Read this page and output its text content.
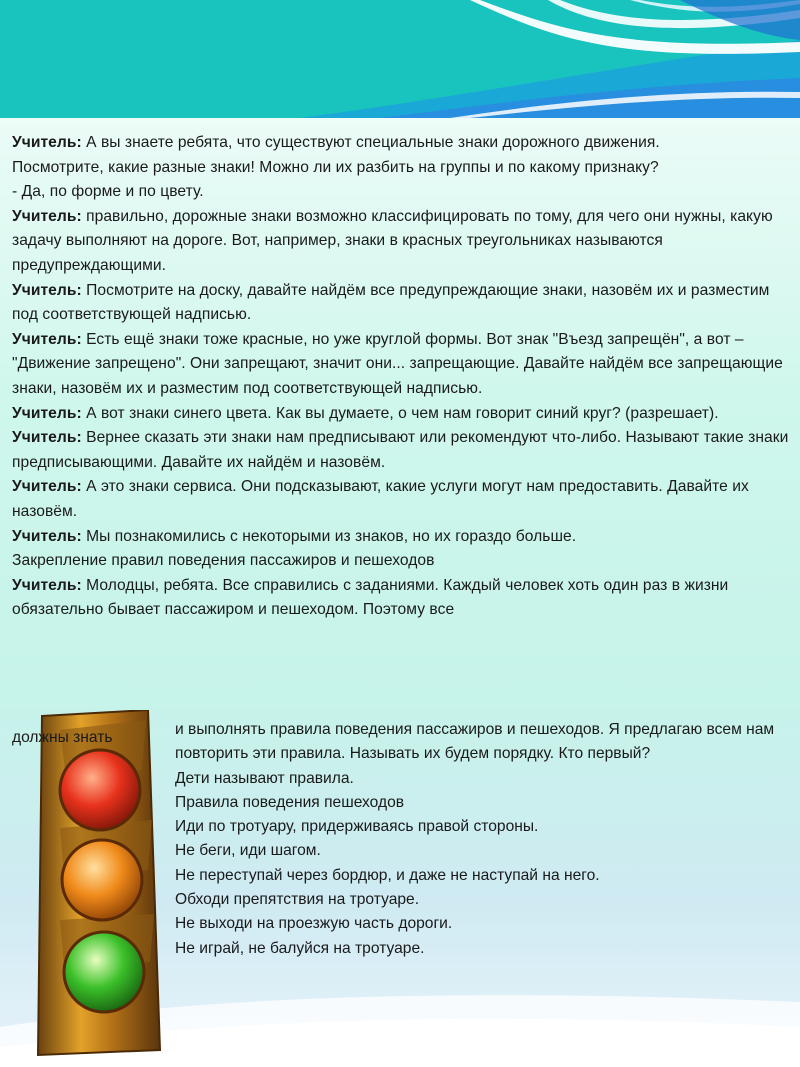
Учитель: А вы знаете ребята, что существуют специальные знаки дорожного движения.

Посмотрите, какие разные знаки! Можно ли их разбить на группы и по какому признаку?

- Да, по форме и по цвету.

Учитель: правильно, дорожные знаки возможно классифицировать по тому, для чего они нужны, какую задачу выполняют на дороге. Вот, например, знаки в красных треугольниках называются предупреждающими.

Учитель: Посмотрите на доску, давайте найдём все предупреждающие знаки, назовём их и разместим под соответствующей надписью.

Учитель: Есть ещё знаки тоже красные, но уже круглой формы. Вот знак "Въезд запрещён", а вот – "Движение запрещено". Они запрещают, значит они... запрещающие. Давайте найдём все запрещающие знаки, назовём их и разместим под соответствующей надписью.

Учитель: А вот знаки синего цвета. Как вы думаете, о чем нам говорит синий круг? (разрешает).

Учитель: Вернее сказать эти знаки нам предписывают или рекомендуют что-либо. Называют такие знаки предписывающими. Давайте их найдём и назовём.

Учитель: А это знаки сервиса. Они подсказывают, какие услуги могут нам предоставить. Давайте их назовём.

Учитель: Мы познакомились с некоторыми из знаков, но их гораздо больше.

Закрепление правил поведения пассажиров и пешеходов

Учитель: Молодцы, ребята. Все справились с заданиями. Каждый человек хоть один раз в жизни обязательно бывает пассажиром и пешеходом. Поэтому все

должны знать	и выполнять правила поведения пассажиров и пешеходов. Я предлагаю всем нам повторить эти правила. Называть их будем порядку. Кто первый?

Дети называют правила.

Правила поведения пешеходов

Иди по тротуару, придерживаясь правой стороны.

Не беги, иди шагом.

Не переступай через бордюр, и даже не наступай на него.

Обходи препятствия на тротуаре.

Не выходи на проезжую часть дороги.

Не играй, не балуйся на тротуаре.
